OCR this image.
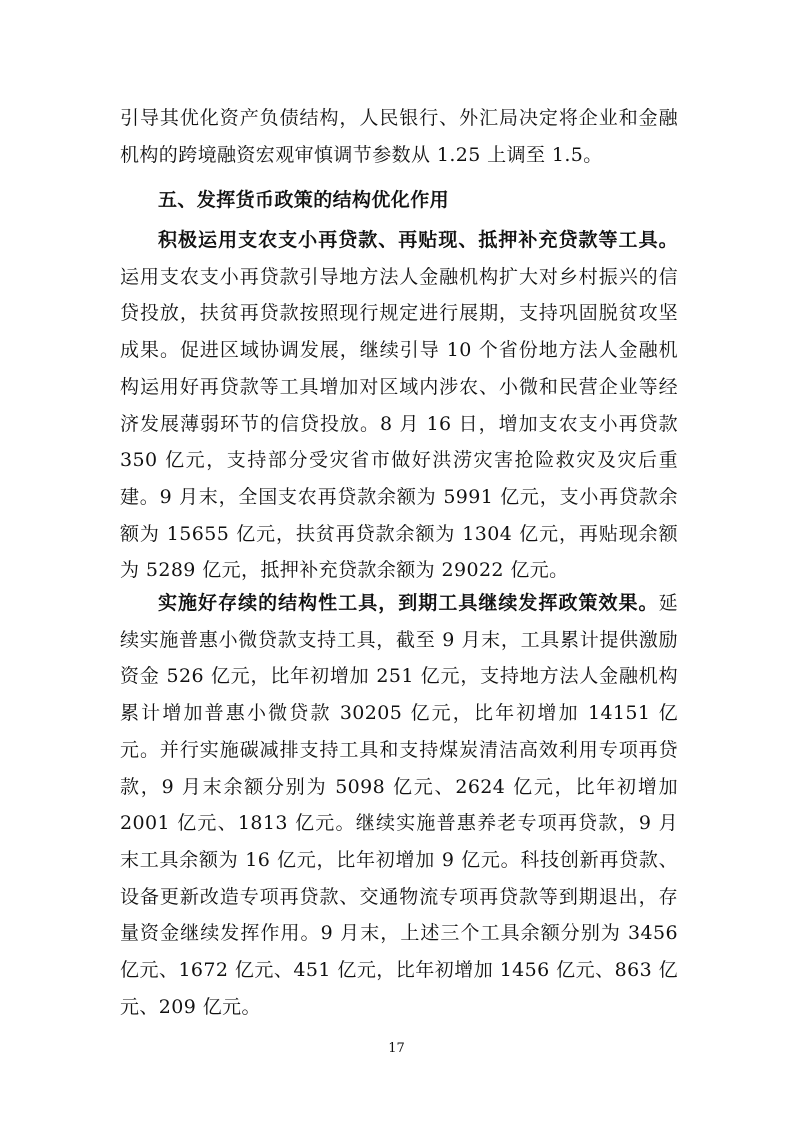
引导其优化资产负债结构，人民银行、外汇局决定将企业和金融机构的跨境融资宏观审慎调节参数从 1.25 上调至 1.5。

五、发挥货币政策的结构优化作用

积极运用支农支小再贷款、再贴现、抵押补充贷款等工具。运用支农支小再贷款引导地方法人金融机构扩大对乡村振兴的信贷投放，扶贫再贷款按照现行规定进行展期，支持巩固脱贫攻坚成果。促进区域协调发展，继续引导 10 个省份地方法人金融机构运用好再贷款等工具增加对区域内涉农、小微和民营企业等经济发展薄弱环节的信贷投放。8 月 16 日，增加支农支小再贷款 350 亿元，支持部分受灾省市做好洪涝灾害抢险救灾及灾后重建。9 月末，全国支农再贷款余额为 5991 亿元，支小再贷款余额为 15655 亿元，扶贫再贷款余额为 1304 亿元，再贴现余额为 5289 亿元，抵押补充贷款余额为 29022 亿元。

实施好存续的结构性工具，到期工具继续发挥政策效果。延续实施普惠小微贷款支持工具，截至 9 月末，工具累计提供激励资金 526 亿元，比年初增加 251 亿元，支持地方法人金融机构累计增加普惠小微贷款 30205 亿元，比年初增加 14151 亿元。并行实施碳减排支持工具和支持煤炭清洁高效利用专项再贷款，9 月末余额分别为 5098 亿元、2624 亿元，比年初增加 2001 亿元、1813 亿元。继续实施普惠养老专项再贷款，9 月末工具余额为 16 亿元，比年初增加 9 亿元。科技创新再贷款、设备更新改造专项再贷款、交通物流专项再贷款等到期退出，存量资金继续发挥作用。9 月末，上述三个工具余额分别为 3456 亿元、1672 亿元、451 亿元，比年初增加 1456 亿元、863 亿元、209 亿元。

17
